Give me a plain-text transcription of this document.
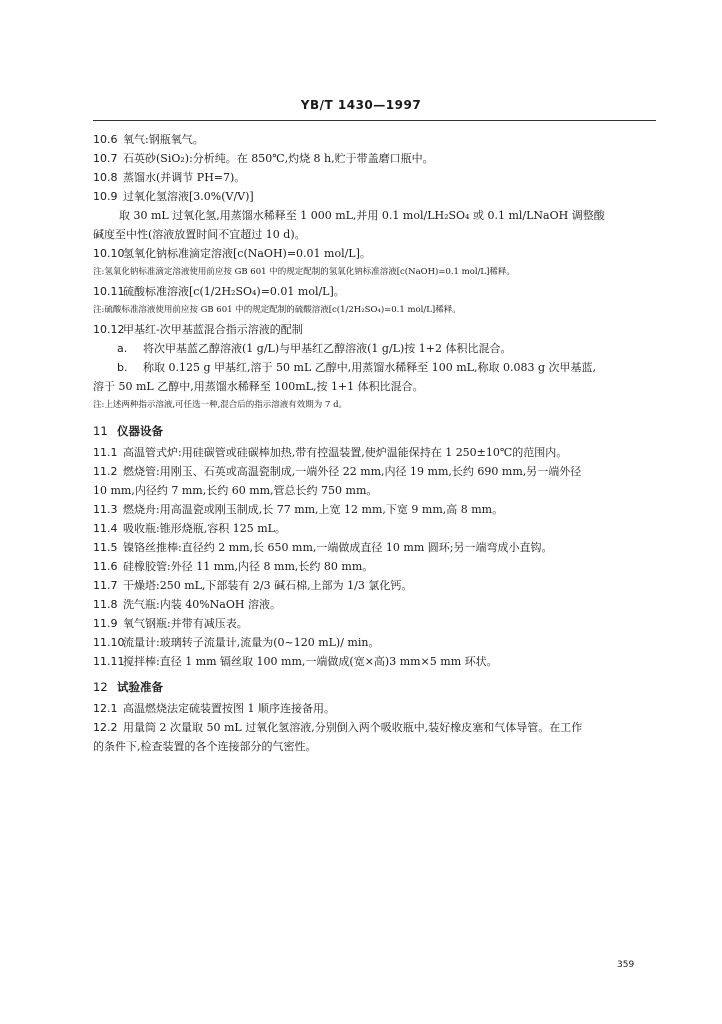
YB/T 1430—1997
10.6 氧气:钢瓶氧气。
10.7 石英砂(SiO₂):分析纯。在 850℃,灼烧 8 h,贮于带盖磨口瓶中。
10.8 蒸馏水(并调节 PH=7)。
10.9 过氧化氢溶液[3.0%(V/V)]
取 30 mL 过氧化氢,用蒸馏水稀释至 1 000 mL,并用 0.1 mol/LH₂SO₄ 或 0.1 ml/LNaOH 调整酸
碱度至中性(溶液放置时间不宜超过 10 d)。
10.10氢氧化钠标准滴定溶液[c(NaOH)=0.01 mol/L]。
注:氢氧化钠标准滴定溶液使用前应按 GB 601 中的规定配制的氢氧化钠标准溶液[c(NaOH)=0.1 mol/L]稀释。
10.11硫酸标准溶液[c(1/2H₂SO₄)=0.01 mol/L]。
注:硫酸标准溶液使用前应按 GB 601 中的规定配制的硫酸溶液[c(1/2H₂SO₄)=0.1 mol/L]稀释。
10.12甲基红-次甲基蓝混合指示溶液的配制
a. 将次甲基蓝乙醇溶液(1 g/L)与甲基红乙醇溶液(1 g/L)按 1+2 体积比混合。
b. 称取 0.125 g 甲基红,溶于 50 mL 乙醇中,用蒸馏水稀释至 100 mL,称取 0.083 g 次甲基蓝,
溶于 50 mL 乙醇中,用蒸馏水稀释至 100mL,按 1+1 体积比混合。
注:上述两种指示溶液,可任选一种,混合后的指示溶液有效期为 7 d。
11 仪器设备
11.1 高温管式炉:用硅碳管或硅碳棒加热,带有控温装置,使炉温能保持在 1 250±10℃的范围内。
11.2 燃烧管:用刚玉、石英或高温瓷制成,一端外径 22 mm,内径 19 mm,长约 690 mm,另一端外径
10 mm,内径约 7 mm,长约 60 mm,管总长约 750 mm。
11.3 燃烧舟:用高温瓷或刚玉制成,长 77 mm,上宽 12 mm,下宽 9 mm,高 8 mm。
11.4 吸收瓶:锥形烧瓶,容积 125 mL。
11.5 镍铬丝推棒:直径约 2 mm,长 650 mm,一端做成直径 10 mm 圆环;另一端弯成小直钩。
11.6 硅橡胶管:外径 11 mm,内径 8 mm,长约 80 mm。
11.7 干燥塔:250 mL,下部装有 2/3 碱石棉,上部为 1/3 氯化钙。
11.8 洗气瓶:内装 40%NaOH 溶液。
11.9 氧气钢瓶:并带有减压表。
11.10流量计:玻璃转子流量计,流量为(0~120 mL)/ min。
11.11搅拌棒:直径 1 mm 镉丝取 100 mm,一端做成(宽×高)3 mm×5 mm 环状。
12 试验准备
12.1 高温燃烧法定硫装置按图 1 顺序连接备用。
12.2 用量筒 2 次量取 50 mL 过氧化氢溶液,分别倒入两个吸收瓶中,装好橡皮塞和气体导管。在工作
的条件下,检查装置的各个连接部分的气密性。
359
